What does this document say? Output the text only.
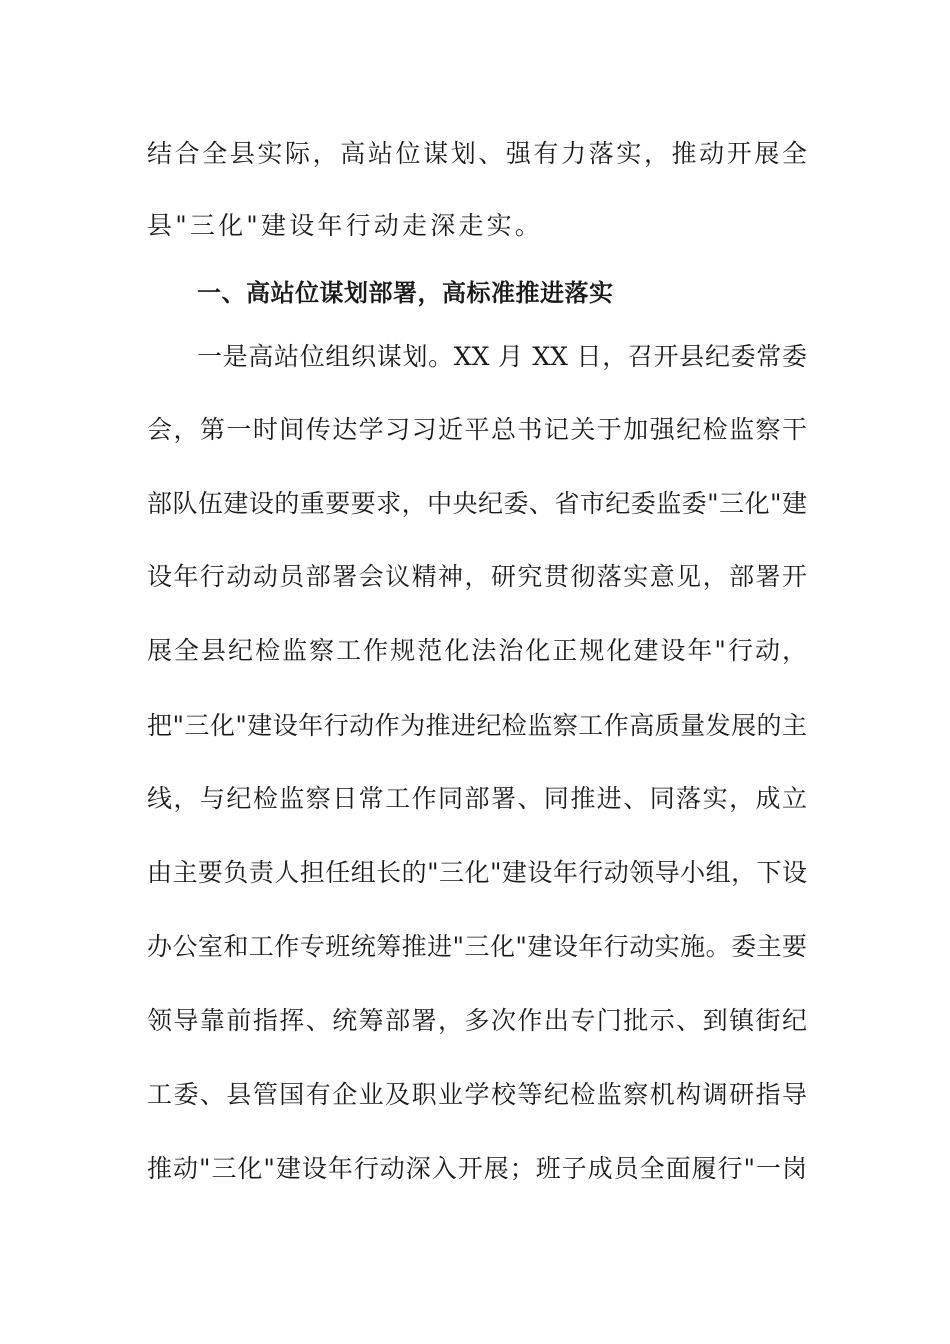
结合全县实际，高站位谋划、强有力落实，推动开展全
县"三化"建设年行动走深走实。
一、高站位谋划部署，高标准推进落实
一是高站位组织谋划。XX 月 XX 日，召开县纪委常委
会，第一时间传达学习习近平总书记关于加强纪检监察干
部队伍建设的重要要求，中央纪委、省市纪委监委"三化"建
设年行动动员部署会议精神，研究贯彻落实意见，部署开
展全县纪检监察工作规范化法治化正规化建设年"行动，
把"三化"建设年行动作为推进纪检监察工作高质量发展的主
线，与纪检监察日常工作同部署、同推进、同落实，成立
由主要负责人担任组长的"三化"建设年行动领导小组，下设
办公室和工作专班统筹推进"三化"建设年行动实施。委主要
领导靠前指挥、统筹部署，多次作出专门批示、到镇街纪
工委、县管国有企业及职业学校等纪检监察机构调研指导
推动"三化"建设年行动深入开展；班子成员全面履行"一岗
